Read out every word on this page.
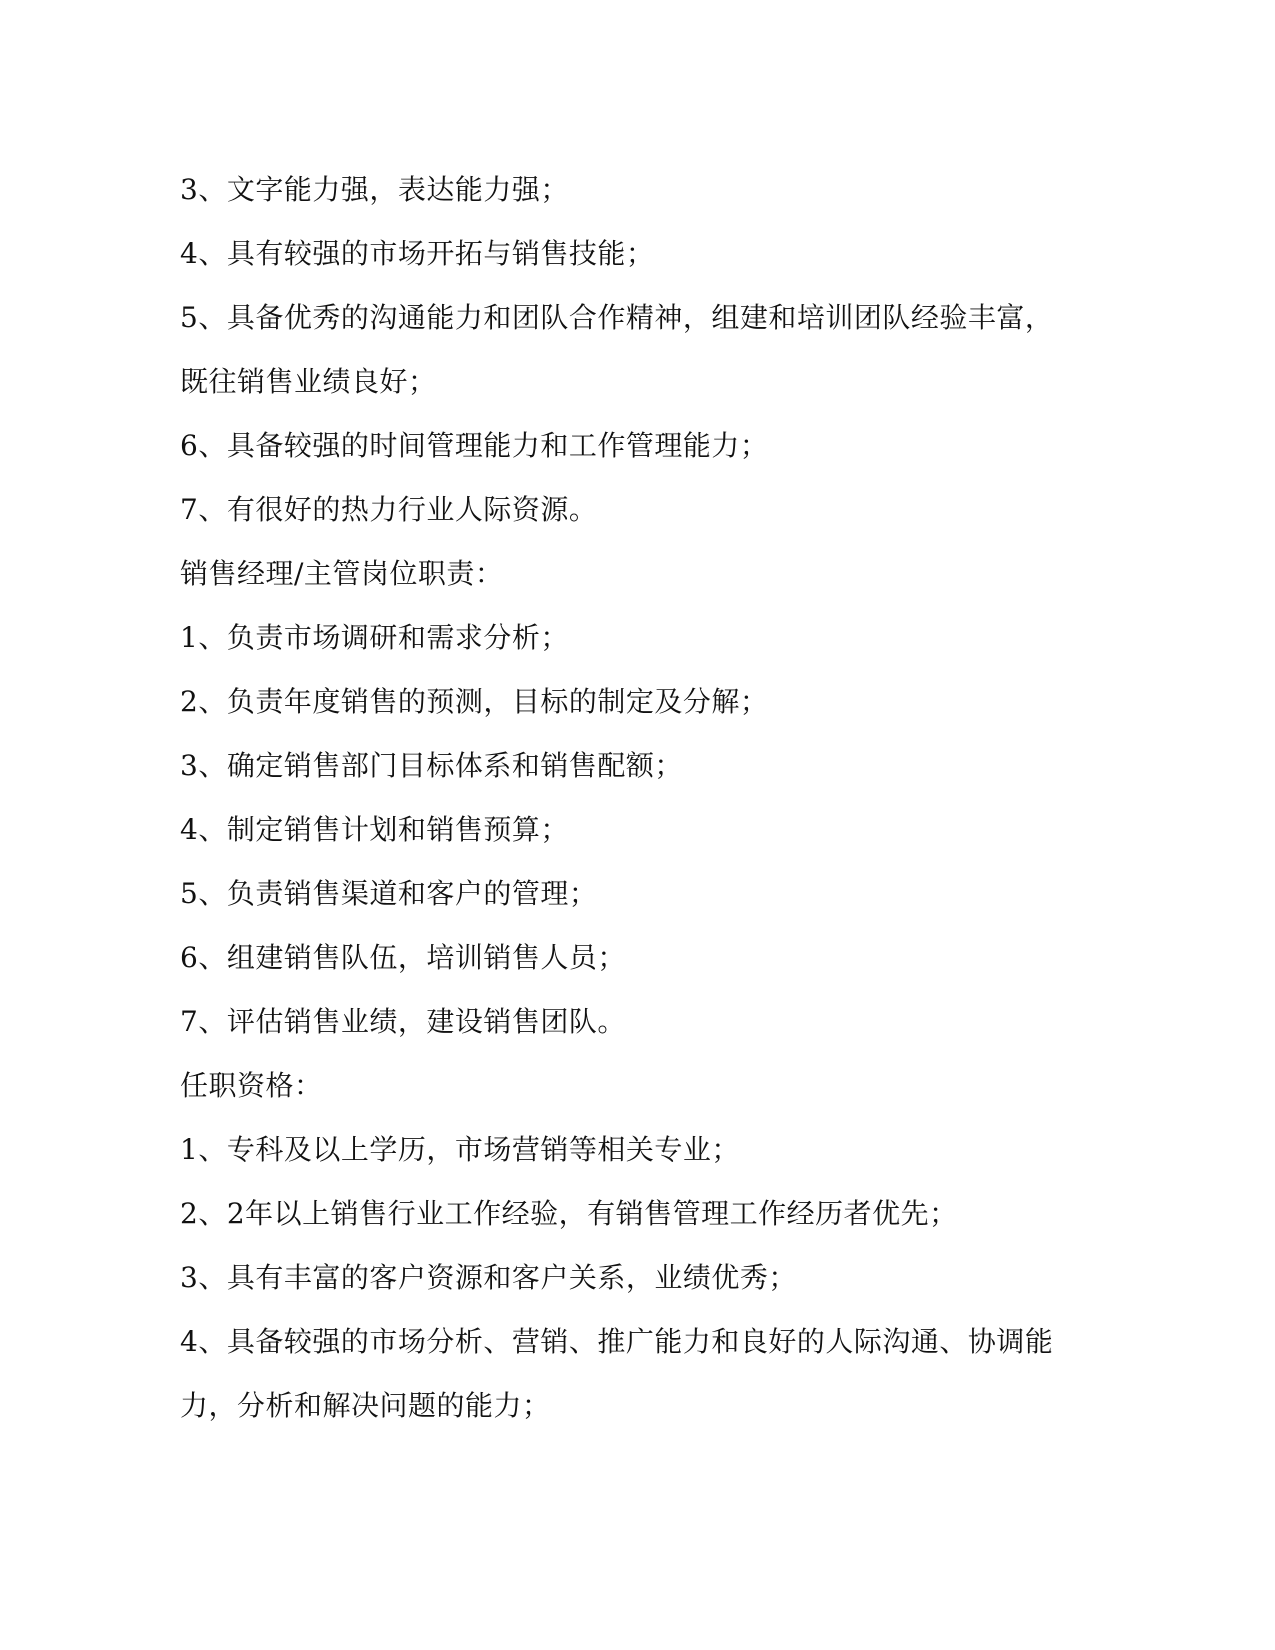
3、文字能力强，表达能力强；
4、具有较强的市场开拓与销售技能；
5、具备优秀的沟通能力和团队合作精神，组建和培训团队经验丰富，
既往销售业绩良好；
6、具备较强的时间管理能力和工作管理能力；
7、有很好的热力行业人际资源。
销售经理/主管岗位职责：
1、负责市场调研和需求分析；
2、负责年度销售的预测，目标的制定及分解；
3、确定销售部门目标体系和销售配额；
4、制定销售计划和销售预算；
5、负责销售渠道和客户的管理；
6、组建销售队伍，培训销售人员；
7、评估销售业绩，建设销售团队。
任职资格：
1、专科及以上学历，市场营销等相关专业；
2、2年以上销售行业工作经验，有销售管理工作经历者优先；
3、具有丰富的客户资源和客户关系，业绩优秀；
4、具备较强的市场分析、营销、推广能力和良好的人际沟通、协调能
力，分析和解决问题的能力；
